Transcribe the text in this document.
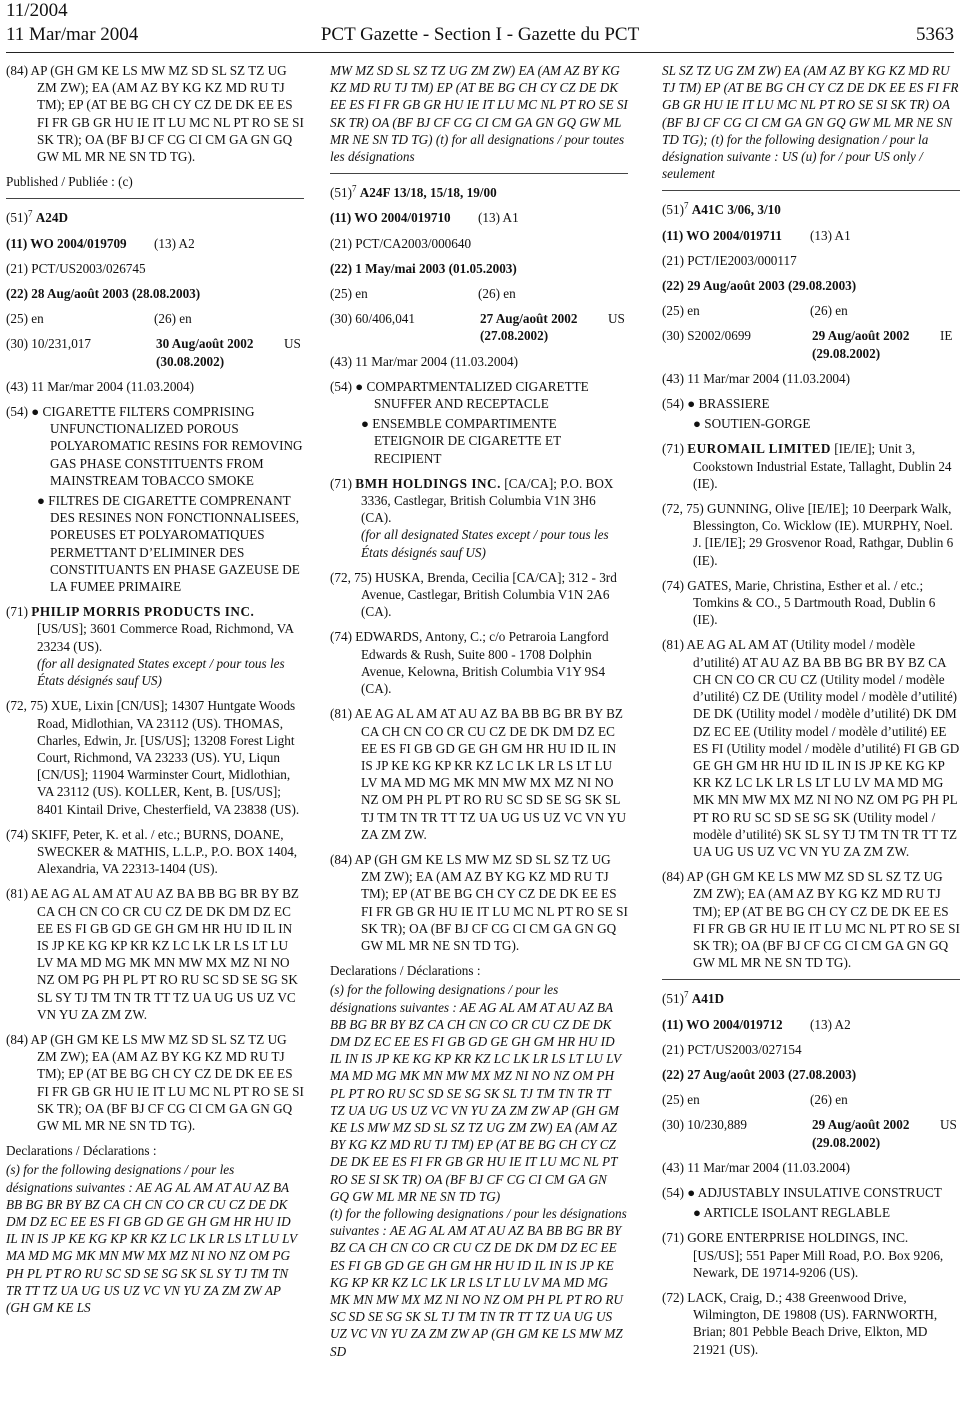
11/2004
11 Mar/mar 2004	PCT Gazette - Section I - Gazette du PCT	5363

(84) AP (GH GM KE LS MW MZ SD SL SZ TZ UG ZM ZW); EA (AM AZ BY KG KZ MD RU TJ TM); EP (AT BE BG CH CY CZ DE DK EE ES FI FR GB GR HU IE IT LU MC NL PT RO SE SI SK TR); OA (BF BJ CF CG CI CM GA GN GQ GW ML MR NE SN TD TG).

Published / Publiée : (c)

$(51)^7$ A24D

(11) WO 2004/019709	(13) A2

(21) PCT/US2003/026745

(22) 28 Aug/août 2003 (28.08.2003)

(25) en	(26) en
(30) 10/231,017	30 Aug/août 2002 (30.08.2002)
US

(43) 11 Mar/mar 2004 (11.03.2004)

(54) ● CIGARETTE FILTERS COMPRISING UNFUNCTIONALIZED POROUS POLYAROMATIC RESINS FOR REMOVING GAS PHASE CONSTITUENTS FROM MAINSTREAM TOBACCO SMOKE

● FILTRES DE CIGARETTE COMPRENANT DES RESINES NON FONCTIONNALISEES, POREUSES ET POLYAROMATIQUES PERMETTANT D’ELIMINER DES CONSTITUANTS EN PHASE GAZEUSE DE LA FUMEE PRIMAIRE

(71) PHILIP MORRIS PRODUCTS INC. [US/US]; 3601 Commerce Road, Richmond, VA 23234 (US).
(for all designated States except / pour tous les États désignés sauf US)

(72, 75) XUE, Lixin [CN/US]; 14307 Huntgate Woods Road, Midlothian, VA 23112 (US). THOMAS, Charles, Edwin, Jr. [US/US]; 13208 Forest Light Court, Richmond, VA 23233 (US). YU, Liqun [CN/US]; 11904 Warminster Court, Midlothian, VA 23112 (US). KOLLER, Kent, B. [US/US]; 8401 Kintail Drive, Chesterfield, VA 23838 (US).

(74) SKIFF, Peter, K. et al. / etc.; BURNS, DOANE, SWECKER & MATHIS, L.L.P., P.O. BOX 1404, Alexandria, VA 22313-1404 (US).

(81) AE AG AL AM AT AU AZ BA BB BG BR BY BZ CA CH CN CO CR CU CZ DE DK DM DZ EC EE ES FI GB GD GE GH GM HR HU ID IL IN IS JP KE KG KP KR KZ LC LK LR LS LT LU LV MA MD MG MK MN MW MX MZ NI NO NZ OM PG PH PL PT RO RU SC SD SE SG SK SL SY TJ TM TN TR TT TZ UA UG US UZ VC VN YU ZA ZM ZW.

(84) AP (GH GM KE LS MW MZ SD SL SZ TZ UG ZM ZW); EA (AM AZ BY KG KZ MD RU TJ TM); EP (AT BE BG CH CY CZ DE DK EE ES FI FR GB GR HU IE IT LU MC NL PT RO SE SI SK TR); OA (BF BJ CF CG CI CM GA GN GQ GW ML MR NE SN TD TG).

Declarations / Déclarations :

(s) for the following designations / pour les désignations suivantes : AE AG AL AM AT AU AZ BA BB BG BR BY BZ CA CH CN CO CR CU CZ DE DK DM DZ EC EE ES FI GB GD GE GH GM HR HU ID IL IN IS JP KE KG KP KR KZ LC LK LR LS LT LU LV MA MD MG MK MN MW MX MZ NI NO NZ OM PG PH PL PT RO RU SC SD SE SG SK SL SY TJ TM TN TR TT TZ UA UG US UZ VC VN YU ZA ZM ZW AP (GH GM KE LS

MW MZ SD SL SZ TZ UG ZM ZW) EA (AM AZ BY KG KZ MD RU TJ TM) EP (AT BE BG CH CY CZ DE DK EE ES FI FR GB GR HU IE IT LU MC NL PT RO SE SI SK TR) OA (BF BJ CF CG CI CM GA GN GQ GW ML MR NE SN TD TG) (t) for all designations / pour toutes les désignations

$(51)^7$ A24F 13/18, 15/18, 19/00

(11) WO 2004/019710	(13) A1

(21) PCT/CA2003/000640

(22) 1 May/mai 2003 (01.05.2003)

(25) en	(26) en
(30) 60/406,041	27 Aug/août 2002 (27.08.2002)
US

(43) 11 Mar/mar 2004 (11.03.2004)

(54) ● COMPARTMENTALIZED CIGARETTE SNUFFER AND RECEPTACLE

● ENSEMBLE COMPARTIMENTE ETEIGNOIR DE CIGARETTE ET RECIPIENT

(71) BMH HOLDINGS INC. [CA/CA]; P.O. BOX 3336, Castlegar, British Columbia V1N 3H6 (CA).
(for all designated States except / pour tous les États désignés sauf US)

(72, 75) HUSKA, Brenda, Cecilia [CA/CA]; 312 - 3rd Avenue, Castlegar, British Columbia V1N 2A6 (CA).

(74) EDWARDS, Antony, C.; c/o Petraroia Langford Edwards & Rush, Suite 800 - 1708 Dolphin Avenue, Kelowna, British Columbia V1Y 9S4 (CA).

(81) AE AG AL AM AT AU AZ BA BB BG BR BY BZ CA CH CN CO CR CU CZ DE DK DM DZ EC EE ES FI GB GD GE GH GM HR HU ID IL IN IS JP KE KG KP KR KZ LC LK LR LS LT LU LV MA MD MG MK MN MW MX MZ NI NO NZ OM PH PL PT RO RU SC SD SE SG SK SL TJ TM TN TR TT TZ UA UG US UZ VC VN YU ZA ZM ZW.

(84) AP (GH GM KE LS MW MZ SD SL SZ TZ UG ZM ZW); EA (AM AZ BY KG KZ MD RU TJ TM); EP (AT BE BG CH CY CZ DE DK EE ES FI FR GB GR HU IE IT LU MC NL PT RO SE SI SK TR); OA (BF BJ CF CG CI CM GA GN GQ GW ML MR NE SN TD TG).

Declarations / Déclarations :

(s) for the following designations / pour les désignations suivantes : AE AG AL AM AT AU AZ BA BB BG BR BY BZ CA CH CN CO CR CU CZ DE DK DM DZ EC EE ES FI GB GD GE GH GM HR HU ID IL IN IS JP KE KG KP KR KZ LC LK LR LS LT LU LV MA MD MG MK MN MW MX MZ NI NO NZ OM PH PL PT RO RU SC SD SE SG SK SL TJ TM TN TR TT TZ UA UG US UZ VC VN YU ZA ZM ZW AP (GH GM KE LS MW MZ SD SL SZ TZ UG ZM ZW) EA (AM AZ BY KG KZ MD RU TJ TM) EP (AT BE BG CH CY CZ DE DK EE ES FI FR GB GR HU IE IT LU MC NL PT RO SE SI SK TR) OA (BF BJ CF CG CI CM GA GN GQ GW ML MR NE SN TD TG)

(t) for the following designations / pour les désignations suivantes : AE AG AL AM AT AU AZ BA BB BG BR BY BZ CA CH CN CO CR CU CZ DE DK DM DZ EC EE ES FI GB GD GE GH GM HR HU ID IL IN IS JP KE KG KP KR KZ LC LK LR LS LT LU LV MA MD MG MK MN MW MX MZ NI NO NZ OM PH PL PT RO RU SC SD SE SG SK SL TJ TM TN TR TT TZ UA UG US UZ VC VN YU ZA ZM ZW AP (GH GM KE LS MW MZ SD

SL SZ TZ UG ZM ZW) EA (AM AZ BY KG KZ MD RU TJ TM) EP (AT BE BG CH CY CZ DE DK EE ES FI FR GB GR HU IE IT LU MC NL PT RO SE SI SK TR) OA (BF BJ CF CG CI CM GA GN GQ GW ML MR NE SN TD TG); (t) for the following designation / pour la désignation suivante : US (u) for / pour US only / seulement

$(51)^7$ A41C 3/06, 3/10

(11) WO 2004/019711	(13) A1

(21) PCT/IE2003/000117

(22) 29 Aug/août 2003 (29.08.2003)

(25) en	(26) en
(30) S2002/0699	29 Aug/août 2002 (29.08.2002)
IE

(43) 11 Mar/mar 2004 (11.03.2004)

(54) ● BRASSIERE

● SOUTIEN-GORGE

(71) EUROMAIL LIMITED [IE/IE]; Unit 3, Cookstown Industrial Estate, Tallaght, Dublin 24 (IE).

(72, 75) GUNNING, Olive [IE/IE]; 10 Deerpark Walk, Blessington, Co. Wicklow (IE). MURPHY, Noel. J. [IE/IE]; 29 Grosvenor Road, Rathgar, Dublin 6 (IE).

(74) GATES, Marie, Christina, Esther et al. / etc.; Tomkins & CO., 5 Dartmouth Road, Dublin 6 (IE).

(81) AE AG AL AM AT (Utility model / modèle d’utilité) AT AU AZ BA BB BG BR BY BZ CA CH CN CO CR CU CZ (Utility model / modèle d’utilité) CZ DE (Utility model / modèle d’utilité) DE DK (Utility model / modèle d’utilité) DK DM DZ EC EE (Utility model / modèle d’utilité) EE ES FI (Utility model / modèle d’utilité) FI GB GD GE GH GM HR HU ID IL IN IS JP KE KG KP KR KZ LC LK LR LS LT LU LV MA MD MG MK MN MW MX MZ NI NO NZ OM PG PH PL PT RO RU SC SD SE SG SK (Utility model / modèle d’utilité) SK SL SY TJ TM TN TR TT TZ UA UG US UZ VC VN YU ZA ZM ZW.

(84) AP (GH GM KE LS MW MZ SD SL SZ TZ UG ZM ZW); EA (AM AZ BY KG KZ MD RU TJ TM); EP (AT BE BG CH CY CZ DE DK EE ES FI FR GB GR HU IE IT LU MC NL PT RO SE SI SK TR); OA (BF BJ CF CG CI CM GA GN GQ GW ML MR NE SN TD TG).

$(51)^7$ A41D

(11) WO 2004/019712	(13) A2

(21) PCT/US2003/027154

(22) 27 Aug/août 2003 (27.08.2003)

(25) en	(26) en
(30) 10/230,889	29 Aug/août 2002 (29.08.2002)
US

(43) 11 Mar/mar 2004 (11.03.2004)

(54) ● ADJUSTABLY INSULATIVE CONSTRUCT

● ARTICLE ISOLANT REGLABLE

(71) GORE ENTERPRISE HOLDINGS, INC. [US/US]; 551 Paper Mill Road, P.O. Box 9206, Newark, DE 19714-9206 (US).

(72) LACK, Craig, D.; 438 Greenwood Drive, Wilmington, DE 19808 (US). FARNWORTH, Brian; 801 Pebble Beach Drive, Elkton, MD 21921 (US).
